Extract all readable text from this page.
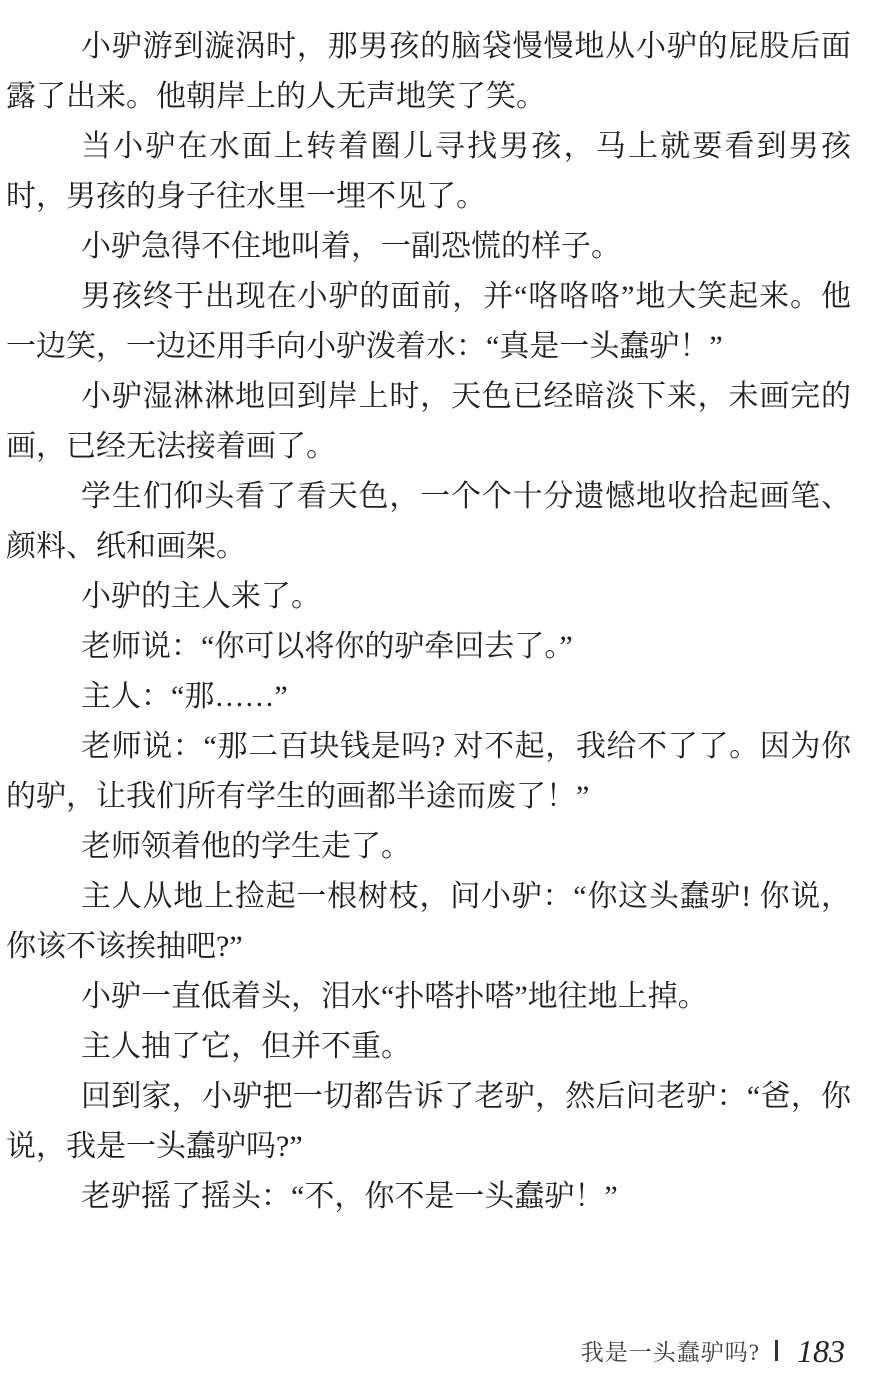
小驴游到漩涡时，那男孩的脑袋慢慢地从小驴的屁股后面露了出来。他朝岸上的人无声地笑了笑。

当小驴在水面上转着圈儿寻找男孩，马上就要看到男孩时，男孩的身子往水里一埋不见了。

小驴急得不住地叫着，一副恐慌的样子。

男孩终于出现在小驴的面前，并“咯咯咯”地大笑起来。他一边笑，一边还用手向小驴泼着水：“真是一头蠢驴！”

小驴湿淋淋地回到岸上时，天色已经暗淡下来，未画完的画，已经无法接着画了。

学生们仰头看了看天色，一个个十分遗憾地收拾起画笔、颜料、纸和画架。

小驴的主人来了。

老师说：“你可以将你的驴牵回去了。”

主人：“那……”

老师说：“那二百块钱是吗? 对不起，我给不了了。因为你的驴，让我们所有学生的画都半途而废了！”

老师领着他的学生走了。

主人从地上捡起一根树枝，问小驴：“你这头蠢驴! 你说，你该不该挨抽吧?”

小驴一直低着头，泪水“扑嗒扑嗒”地往地上掉。

主人抽了它，但并不重。

回到家，小驴把一切都告诉了老驴，然后问老驴：“爸，你说，我是一头蠢驴吗?”

老驴摇了摇头：“不，你不是一头蠢驴！”

我是一头蠢驴吗? 183
